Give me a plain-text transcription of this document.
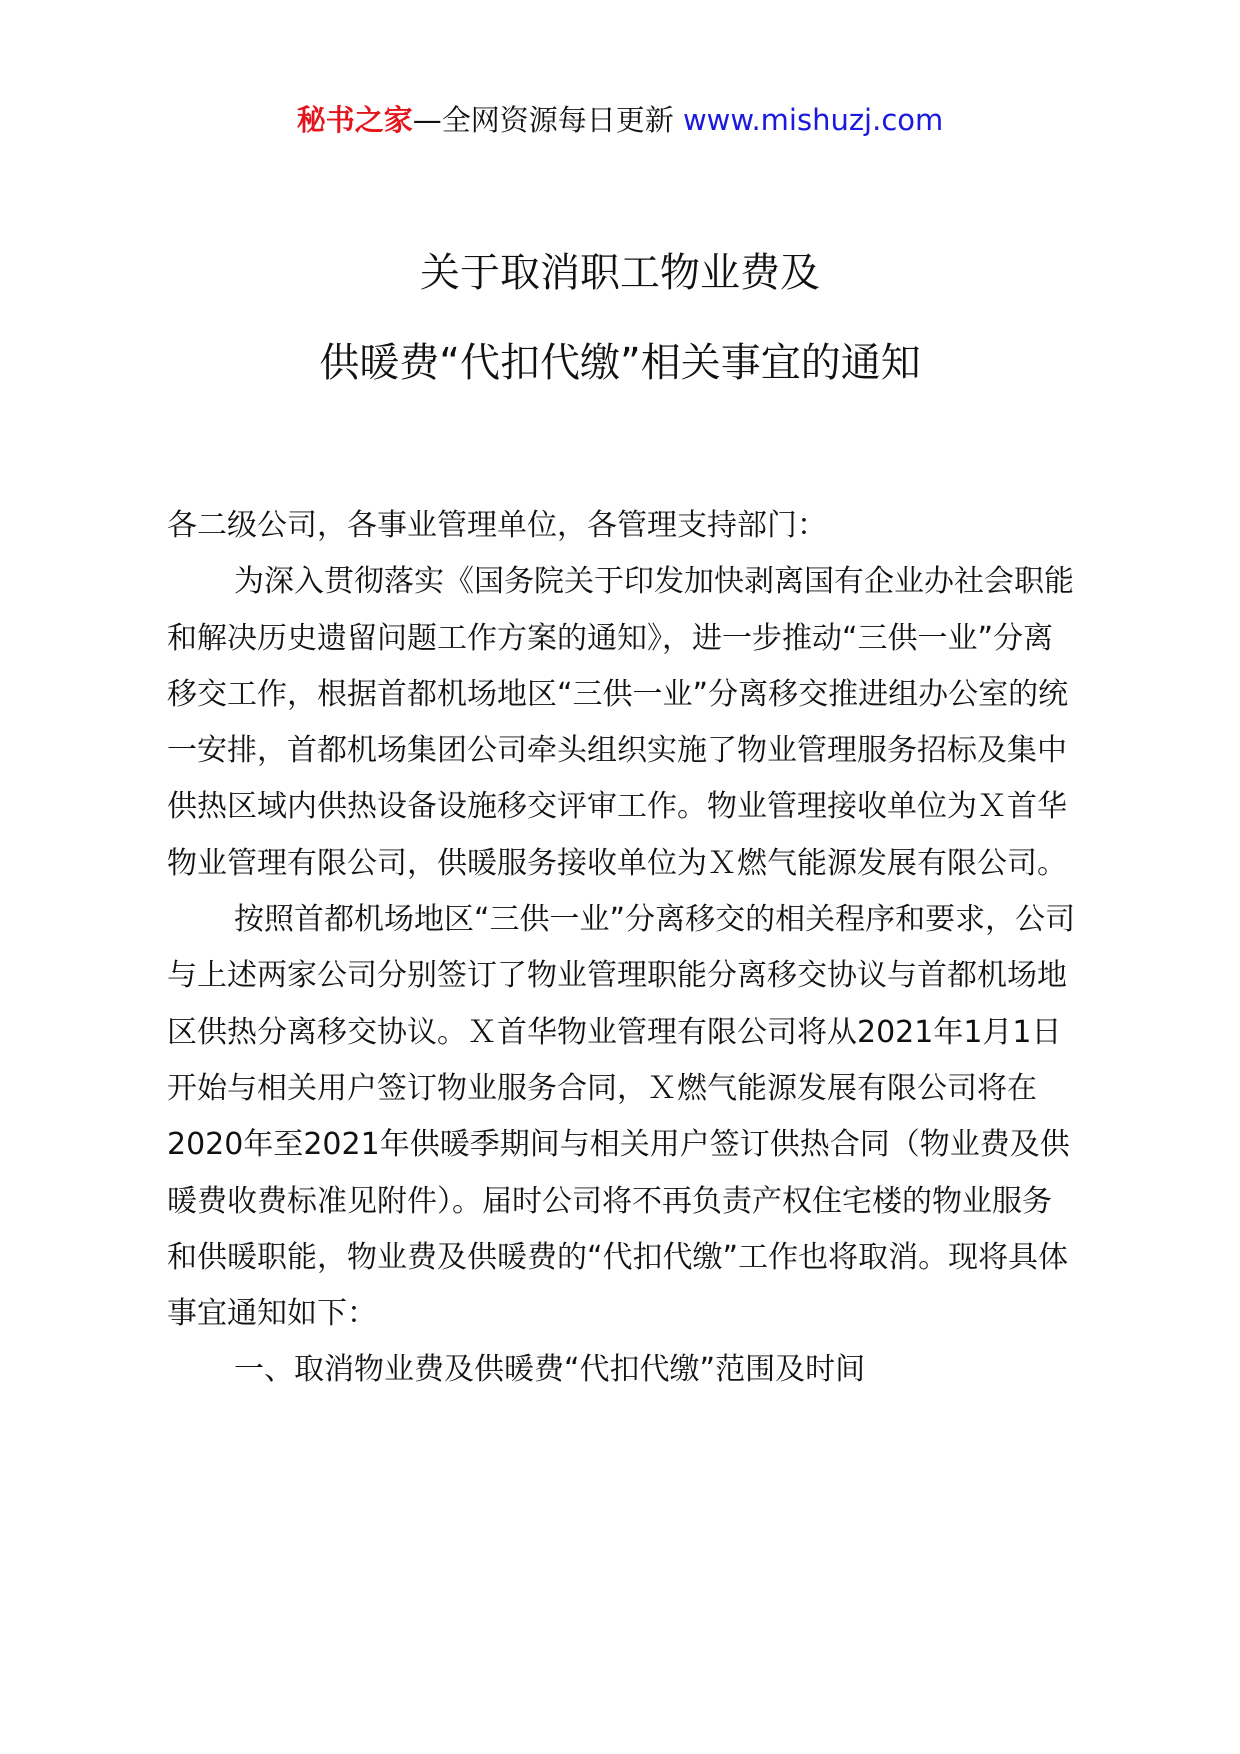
秘书之家—全网资源每日更新 www.mishuzj.com
关于取消职工物业费及
供暖费“代扣代缴”相关事宜的通知

各二级公司，各事业管理单位，各管理支持部门：

为深入贯彻落实《国务院关于印发加快剥离国有企业办社会职能和解决历史遗留问题工作方案的通知》，进一步推动“三供一业”分离移交工作，根据首都机场地区“三供一业”分离移交推进组办公室的统一安排，首都机场集团公司牵头组织实施了物业管理服务招标及集中供热区域内供热设备设施移交评审工作。物业管理接收单位为Ｘ首华物业管理有限公司，供暖服务接收单位为Ｘ燃气能源发展有限公司。

按照首都机场地区“三供一业”分离移交的相关程序和要求，公司与上述两家公司分别签订了物业管理职能分离移交协议与首都机场地区供热分离移交协议。Ｘ首华物业管理有限公司将从2021年1月1日开始与相关用户签订物业服务合同，Ｘ燃气能源发展有限公司将在2020年至2021年供暖季期间与相关用户签订供热合同（物业费及供暖费收费标准见附件）。届时公司将不再负责产权住宅楼的物业服务和供暖职能，物业费及供暖费的“代扣代缴”工作也将取消。现将具体事宜通知如下：

一、取消物业费及供暖费“代扣代缴”范围及时间
